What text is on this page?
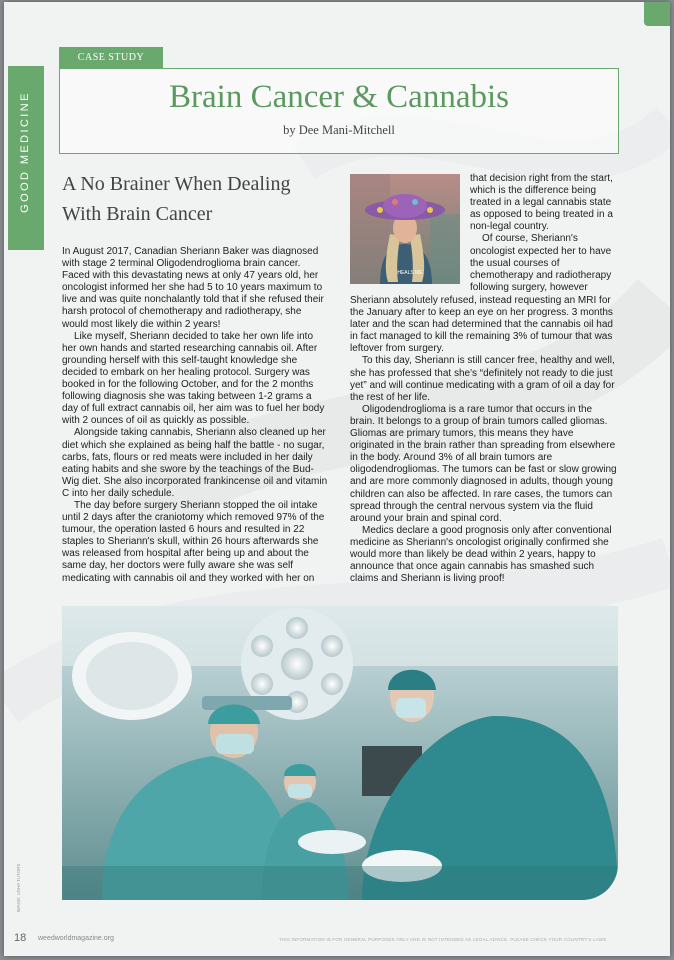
GOOD MEDICINE
CASE STUDY
Brain Cancer & Cannabis
by Dee Mani-Mitchell
A No Brainer When Dealing With Brain Cancer

In August 2017, Canadian Sheriann Baker was diagnosed with stage 2 terminal Oligodendroglioma brain cancer. Faced with this devastating news at only 47 years old, her oncologist informed her she had 5 to 10 years maximum to live and was quite nonchalantly told that if she refused their harsh protocol of chemotherapy and radiotherapy, she would most likely die within 2 years!

Like myself, Sheriann decided to take her own life into her own hands and started researching cannabis oil. After grounding herself with this self-taught knowledge she decided to embark on her healing protocol. Surgery was booked in for the following October, and for the 2 months following diagnosis she was taking between 1-2 grams a day of full extract cannabis oil, her aim was to fuel her body with 2 ounces of oil as quickly as possible.

Alongside taking cannabis, Sheriann also cleaned up her diet which she explained as being half the battle - no sugar, carbs, fats, flours or red meats were included in her daily eating habits and she swore by the teachings of the Bud-Wig diet. She also incorporated frankincense oil and vitamin C into her daily schedule.

The day before surgery Sheriann stopped the oil intake until 2 days after the craniotomy which removed 97% of the tumour, the operation lasted 6 hours and resulted in 22 staples to Sheriann's skull, within 26 hours afterwards she was released from hospital after being up and about the same day, her doctors were fully aware she was self medicating with cannabis oil and they worked with her on

HEALS ME

that decision right from the start, which is the difference being treated in a legal cannabis state as opposed to being treated in a non-legal country.

Of course, Sheriann's oncologist expected her to have the usual courses of chemotherapy and radiotherapy following surgery, however

Sheriann absolutely refused, instead requesting an MRI for the January after to keep an eye on her progress. 3 months later and the scan had determined that the cannabis oil had in fact managed to kill the remaining 3% of tumour that was leftover from surgery.

To this day, Sheriann is still cancer free, healthy and well, she has professed that she's “definitely not ready to die just yet” and will continue medicating with a gram of oil a day for the rest of her life.

Oligodendroglioma is a rare tumor that occurs in the brain. It belongs to a group of brain tumors called gliomas. Gliomas are primary tumors, this means they have originated in the brain rather than spreading from elsewhere in the body. Around 3% of all brain tumors are oligodendrogliomas. The tumors can be fast or slow growing and are more commonly diagnosed in adults, though young children can also be affected. In rare cases, the tumors can spread through the central nervous system via the fluid around your brain and spinal cord.

Medics declare a good prognosis only after conventional medicine as Sheriann's oncologist originally confirmed she would more than likely be dead within 2 years, happy to announce that once again cannabis has smashed such claims and Sheriann is living proof!

IMAGE: USHA TUTORS
18 weedworldmagazine.org	THIS INFORMATION IS FOR GENERAL PURPOSES ONLY AND IS NOT INTENDED AS LEGAL ADVICE. PLEASE CHECK YOUR COUNTRY'S LAWS
